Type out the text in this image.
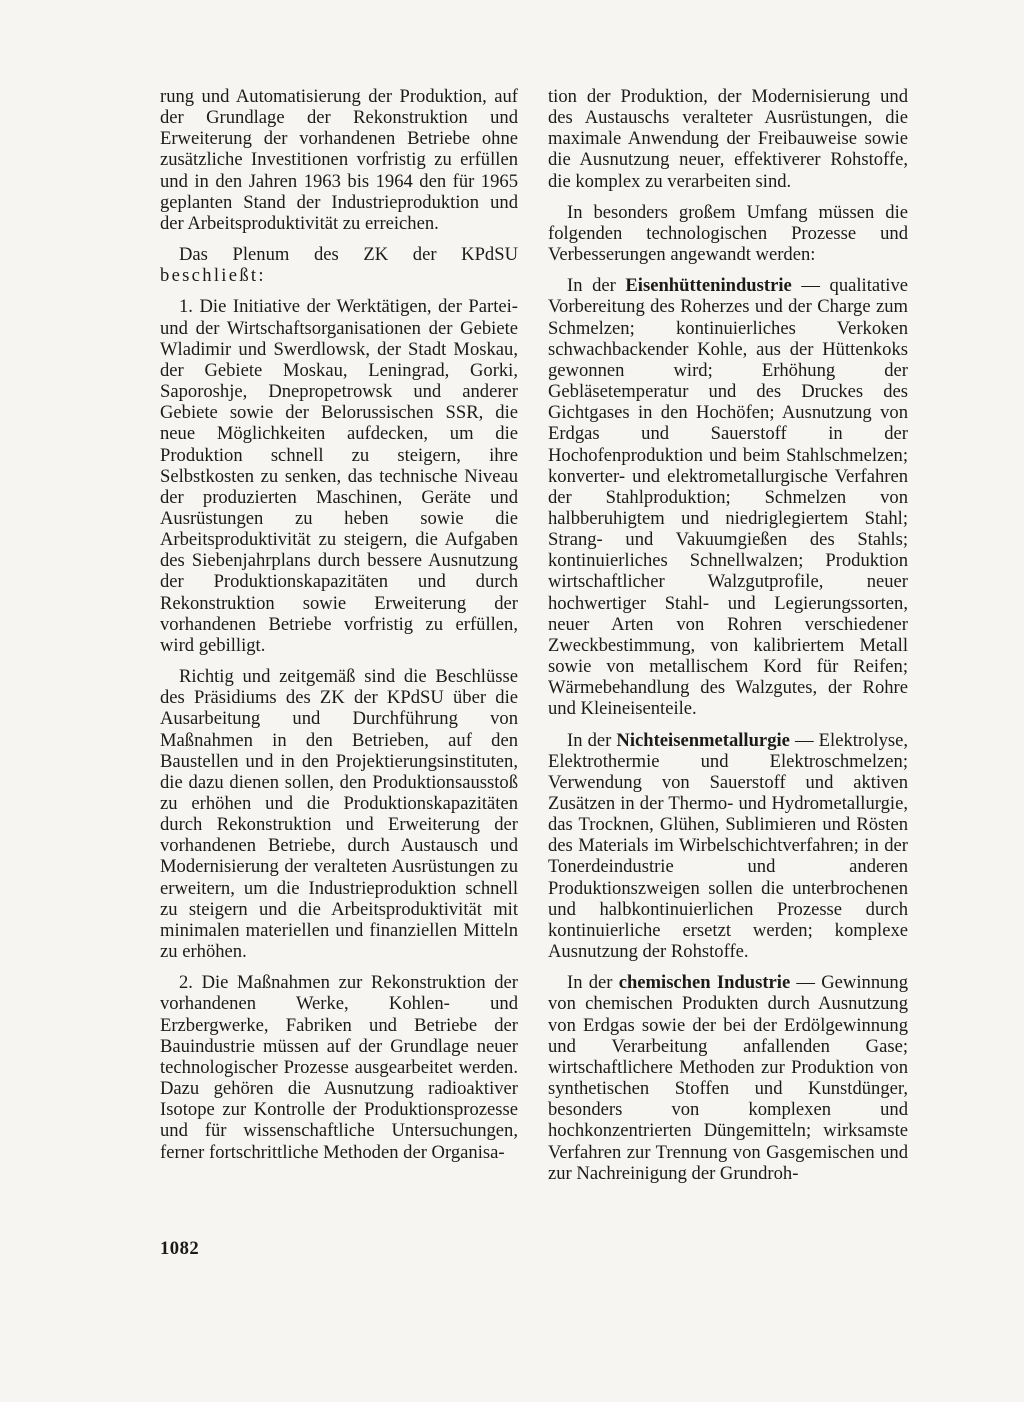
rung und Automatisierung der Produktion, auf der Grundlage der Rekonstruktion und Erweiterung der vorhandenen Betriebe ohne zusätzliche Investitionen vorfristig zu erfüllen und in den Jahren 1963 bis 1964 den für 1965 geplanten Stand der Industrieproduktion und der Arbeitsproduktivität zu erreichen.

Das Plenum des ZK der KPdSU beschließt:

1. Die Initiative der Werktätigen, der Partei- und der Wirtschaftsorganisationen der Gebiete Wladimir und Swerdlowsk, der Stadt Moskau, der Gebiete Moskau, Leningrad, Gorki, Saporoshje, Dnepropetrowsk und anderer Gebiete sowie der Belorussischen SSR, die neue Möglichkeiten aufdecken, um die Produktion schnell zu steigern, ihre Selbstkosten zu senken, das technische Niveau der produzierten Maschinen, Geräte und Ausrüstungen zu heben sowie die Arbeitsproduktivität zu steigern, die Aufgaben des Siebenjahrplans durch bessere Ausnutzung der Produktionskapazitäten und durch Rekonstruktion sowie Erweiterung der vorhandenen Betriebe vorfristig zu erfüllen, wird gebilligt.

Richtig und zeitgemäß sind die Beschlüsse des Präsidiums des ZK der KPdSU über die Ausarbeitung und Durchführung von Maßnahmen in den Betrieben, auf den Baustellen und in den Projektierungsinstituten, die dazu dienen sollen, den Produktionsausstoß zu erhöhen und die Produktionskapazitäten durch Rekonstruktion und Erweiterung der vorhandenen Betriebe, durch Austausch und Modernisierung der veralteten Ausrüstungen zu erweitern, um die Industrieproduktion schnell zu steigern und die Arbeitsproduktivität mit minimalen materiellen und finanziellen Mitteln zu erhöhen.

2. Die Maßnahmen zur Rekonstruktion der vorhandenen Werke, Kohlen- und Erzbergwerke, Fabriken und Betriebe der Bauindustrie müssen auf der Grundlage neuer technologischer Prozesse ausgearbeitet werden. Dazu gehören die Ausnutzung radioaktiver Isotope zur Kontrolle der Produktionsprozesse und für wissenschaftliche Untersuchungen, ferner fortschrittliche Methoden der Organisa-

tion der Produktion, der Modernisierung und des Austauschs veralteter Ausrüstungen, die maximale Anwendung der Freibauweise sowie die Ausnutzung neuer, effektiverer Rohstoffe, die komplex zu verarbeiten sind.

In besonders großem Umfang müssen die folgenden technologischen Prozesse und Verbesserungen angewandt werden:

In der Eisenhüttenindustrie — qualitative Vorbereitung des Roherzes und der Charge zum Schmelzen; kontinuierliches Verkoken schwachbackender Kohle, aus der Hüttenkoks gewonnen wird; Erhöhung der Gebläsetemperatur und des Druckes des Gichtgases in den Hochöfen; Ausnutzung von Erdgas und Sauerstoff in der Hochofenproduktion und beim Stahlschmelzen; konverter- und elektrometallurgische Verfahren der Stahlproduktion; Schmelzen von halbberuhigtem und niedriglegiertem Stahl; Strang- und Vakuumgießen des Stahls; kontinuierliches Schnellwalzen; Produktion wirtschaftlicher Walzgutprofile, neuer hochwertiger Stahl- und Legierungssorten, neuer Arten von Rohren verschiedener Zweckbestimmung, von kalibriertem Metall sowie von metallischem Kord für Reifen; Wärmebehandlung des Walzgutes, der Rohre und Kleineisenteile.

In der Nichteisenmetallurgie — Elektrolyse, Elektrothermie und Elektroschmelzen; Verwendung von Sauerstoff und aktiven Zusätzen in der Thermo- und Hydrometallurgie, das Trocknen, Glühen, Sublimieren und Rösten des Materials im Wirbelschichtverfahren; in der Tonerdeindustrie und anderen Produktionszweigen sollen die unterbrochenen und halbkontinuierlichen Prozesse durch kontinuierliche ersetzt werden; komplexe Ausnutzung der Rohstoffe.

In der chemischen Industrie — Gewinnung von chemischen Produkten durch Ausnutzung von Erdgas sowie der bei der Erdölgewinnung und Verarbeitung anfallenden Gase; wirtschaftlichere Methoden zur Produktion von synthetischen Stoffen und Kunstdünger, besonders von komplexen und hochkonzentrierten Düngemitteln; wirksamste Verfahren zur Trennung von Gasgemischen und zur Nachreinigung der Grundroh-

1082
